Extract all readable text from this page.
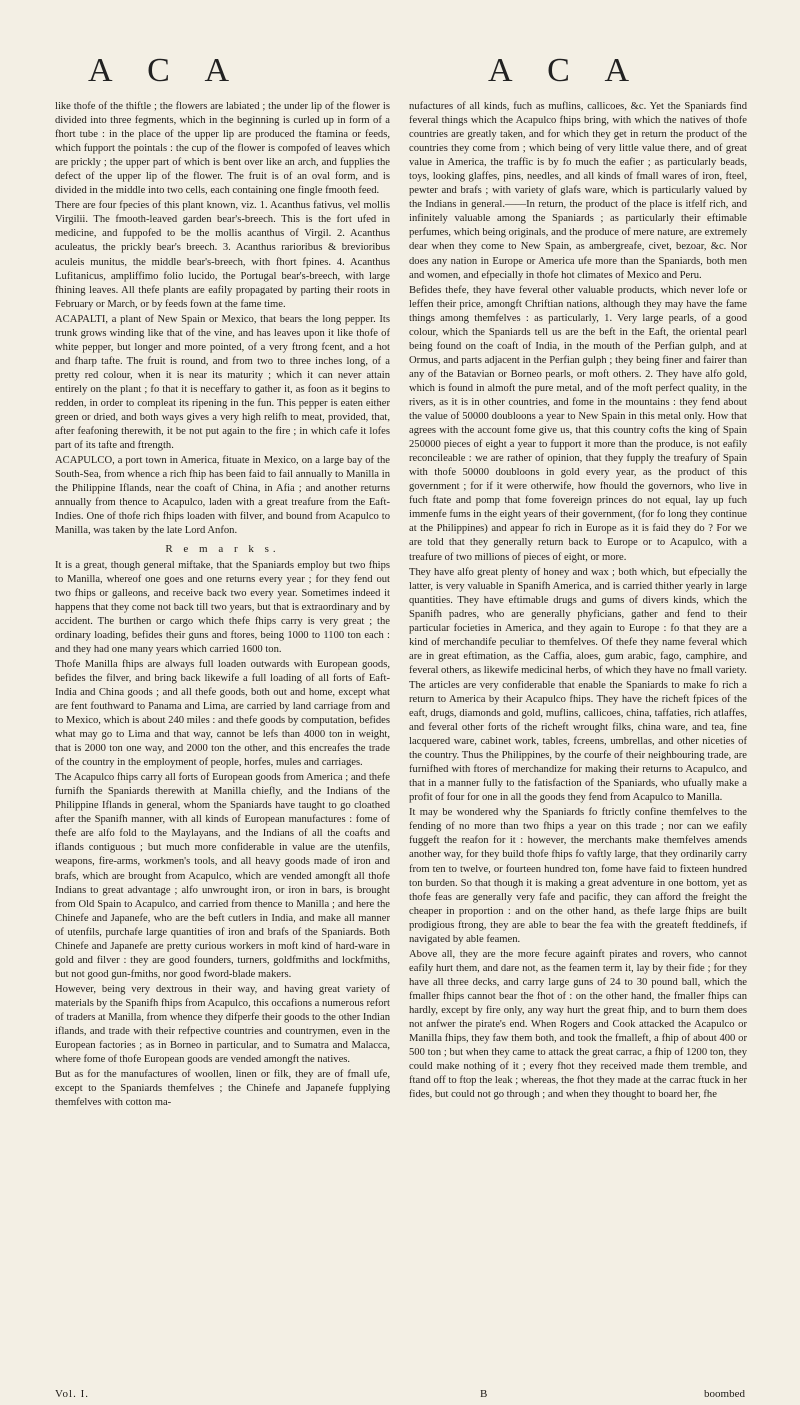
A C A	A C A

like thofe of the thiftle ; the flowers are labiated ; the under lip of the flower is divided into three fegments, which in the beginning is curled up in form of a fhort tube : in the place of the upper lip are produced the ftamina or feeds, which fupport the pointals : the cup of the flower is compofed of leaves which are prickly ; the upper part of which is bent over like an arch, and fupplies the defect of the upper lip of the flower. The fruit is of an oval form, and is divided in the middle into two cells, each containing one fingle fmooth feed.

There are four fpecies of this plant known, viz. 1. Acanthus fativus, vel mollis Virgilii. The fmooth-leaved garden bear's-breech. This is the fort ufed in medicine, and fuppofed to be the mollis acanthus of Virgil. 2. Acanthus aculeatus, the prickly bear's breech. 3. Acanthus rarioribus & brevioribus aculeis munitus, the middle bear's-breech, with fhort fpines. 4. Acanthus Lufitanicus, ampliffimo folio lucido, the Portugal bear's-breech, with large fhining leaves. All thefe plants are eafily propagated by parting their roots in February or March, or by feeds fown at the fame time.

ACAPALTI, a plant of New Spain or Mexico, that bears the long pepper. Its trunk grows winding like that of the vine, and has leaves upon it like thofe of white pepper, but longer and more pointed, of a very ftrong fcent, and a hot and fharp tafte. The fruit is round, and from two to three inches long, of a pretty red colour, when it is near its maturity ; which it can never attain entirely on the plant ; fo that it is neceffary to gather it, as foon as it begins to redden, in order to compleat its ripening in the fun. This pepper is eaten either green or dried, and both ways gives a very high relifh to meat, provided, that, after feafoning therewith, it be not put again to the fire ; in which cafe it lofes part of its tafte and ftrength.

ACAPULCO, a port town in America, fituate in Mexico, on a large bay of the South-Sea, from whence a rich fhip has been faid to fail annually to Manilla in the Philippine Iflands, near the coaft of China, in Afia ; and another returns annually from thence to Acapulco, laden with a great treafure from the Eaft-Indies. One of thofe rich fhips loaden with filver, and bound from Acapulco to Manilla, was taken by the late Lord Anfon.

R e m a r k s.

It is a great, though general miftake, that the Spaniards employ but two fhips to Manilla, whereof one goes and one returns every year ; for they fend out two fhips or galleons, and receive back two every year. Sometimes indeed it happens that they come not back till two years, but that is extraordinary and by accident. The burthen or cargo which thefe fhips carry is very great ; the ordinary loading, befides their guns and ftores, being 1000 to 1100 ton each : and they had one many years which carried 1600 ton.

Thofe Manilla fhips are always full loaden outwards with European goods, befides the filver, and bring back likewife a full loading of all forts of Eaft-India and China goods ; and all thefe goods, both out and home, except what are fent fouthward to Panama and Lima, are carried by land carriage from and to Mexico, which is about 240 miles : and thefe goods by computation, befides what may go to Lima and that way, cannot be lefs than 4000 ton in weight, that is 2000 ton one way, and 2000 ton the other, and this encreafes the trade of the country in the employment of people, horfes, mules and carriages.

The Acapulco fhips carry all forts of European goods from America ; and thefe furnifh the Spaniards therewith at Manilla chiefly, and the Indians of the Philippine Iflands in general, whom the Spaniards have taught to go cloathed after the Spanifh manner, with all kinds of European manufactures : fome of thefe are alfo fold to the Maylayans, and the Indians of all the coafts and iflands contiguous ; but much more confiderable in value are the utenfils, weapons, fire-arms, workmen's tools, and all heavy goods made of iron and brafs, which are brought from Acapulco, which are vended amongft all thofe Indians to great advantage ; alfo unwrought iron, or iron in bars, is brought from Old Spain to Acapulco, and carried from thence to Manilla ; and here the Chinefe and Japanefe, who are the beft cutlers in India, and make all manner of utenfils, purchafe large quantities of iron and brafs of the Spaniards. Both Chinefe and Japanefe are pretty curious workers in moft kind of hard-ware in gold and filver : they are good founders, turners, goldfmiths and lockfmiths, but not good gun-fmiths, nor good fword-blade makers.

However, being very dextrous in their way, and having great variety of materials by the Spanifh fhips from Acapulco, this occafions a numerous refort of traders at Manilla, from whence they difperfe their goods to the other Indian iflands, and trade with their refpective countries and countrymen, even in the European factories ; as in Borneo in particular, and to Sumatra and Malacca, where fome of thofe European goods are vended amongft the natives.

But as for the manufactures of woollen, linen or filk, they are of fmall ufe, except to the Spaniards themfelves ; the Chinefe and Japanefe fupplying themfelves with cotton ma-

nufactures of all kinds, fuch as muflins, callicoes, &c. Yet the Spaniards find feveral things which the Acapulco fhips bring, with which the natives of thofe countries are greatly taken, and for which they get in return the product of the countries they come from ; which being of very little value there, and of great value in America, the traffic is by fo much the eafier ; as particularly beads, toys, looking glaffes, pins, needles, and all kinds of fmall wares of iron, fteel, pewter and brafs ; with variety of glafs ware, which is particularly valued by the Indians in general.——In return, the product of the place is itfelf rich, and infinitely valuable among the Spaniards ; as particularly their eftimable perfumes, which being originals, and the produce of mere nature, are extremely dear when they come to New Spain, as ambergreafe, civet, bezoar, &c. Nor does any nation in Europe or America ufe more than the Spaniards, both men and women, and efpecially in thofe hot climates of Mexico and Peru.

Befides thefe, they have feveral other valuable products, which never lofe or leffen their price, amongft Chriftian nations, although they may have the fame things among themfelves : as particularly, 1. Very large pearls, of a good colour, which the Spaniards tell us are the beft in the Eaft, the oriental pearl being found on the coaft of India, in the mouth of the Perfian gulph, and at Ormus, and parts adjacent in the Perfian gulph ; they being finer and fairer than any of the Batavian or Borneo pearls, or moft others. 2. They have alfo gold, which is found in almoft the pure metal, and of the moft perfect quality, in the rivers, as it is in other countries, and fome in the mountains : they fend about the value of 50000 doubloons a year to New Spain in this metal only. How that agrees with the account fome give us, that this country cofts the king of Spain 250000 pieces of eight a year to fupport it more than the produce, is not eafily reconcileable : we are rather of opinion, that they fupply the treafury of Spain with thofe 50000 doubloons in gold every year, as the product of this government ; for if it were otherwife, how fhould the governors, who live in fuch ftate and pomp that fome fovereign princes do not equal, lay up fuch immenfe fums in the eight years of their government, (for fo long they continue at the Philippines) and appear fo rich in Europe as it is faid they do ? For we are told that they generally return back to Europe or to Acapulco, with a treafure of two millions of pieces of eight, or more.

They have alfo great plenty of honey and wax ; both which, but efpecially the latter, is very valuable in Spanifh America, and is carried thither yearly in large quantities. They have eftimable drugs and gums of divers kinds, which the Spanifh padres, who are generally phyficians, gather and fend to their particular focieties in America, and they again to Europe : fo that they are a kind of merchandife peculiar to themfelves. Of thefe they name feveral which are in great eftimation, as the Caffia, aloes, gum arabic, fago, camphire, and feveral others, as likewife medicinal herbs, of which they have no fmall variety.

The articles are very confiderable that enable the Spaniards to make fo rich a return to America by their Acapulco fhips. They have the richeft fpices of the eaft, drugs, diamonds and gold, muflins, callicoes, china, taffaties, rich atlaffes, and feveral other forts of the richeft wrought filks, china ware, and tea, fine lacquered ware, cabinet work, tables, fcreens, umbrellas, and other niceties of the country. Thus the Philippines, by the courfe of their neighbouring trade, are furnifhed with ftores of merchandize for making their returns to Acapulco, and that in a manner fully to the fatisfaction of the Spaniards, who ufually make a profit of four for one in all the goods they fend from Acapulco to Manilla.

It may be wondered why the Spaniards fo ftrictly confine themfelves to the fending of no more than two fhips a year on this trade ; nor can we eafily fuggeft the reafon for it : however, the merchants make themfelves amends another way, for they build thofe fhips fo vaftly large, that they ordinarily carry from ten to twelve, or fourteen hundred ton, fome have faid to fixteen hundred ton burden. So that though it is making a great adventure in one bottom, yet as thofe feas are generally very fafe and pacific, they can afford the freight the cheaper in proportion : and on the other hand, as thefe large fhips are built prodigious ftrong, they are able to bear the fea with the greateft fteddinefs, if navigated by able feamen.

Above all, they are the more fecure againft pirates and rovers, who cannot eafily hurt them, and dare not, as the feamen term it, lay by their fide ; for they have all three decks, and carry large guns of 24 to 30 pound ball, which the fmaller fhips cannot bear the fhot of : on the other hand, the fmaller fhips can hardly, except by fire only, any way hurt the great fhip, and to burn them does not anfwer the pirate's end. When Rogers and Cook attacked the Acapulco or Manilla fhips, they faw them both, and took the fmalleft, a fhip of about 400 or 500 ton ; but when they came to attack the great carrac, a fhip of 1200 ton, they could make nothing of it ; every fhot they received made them tremble, and ftand off to ftop the leak ; whereas, the fhot they made at the carrac ftuck in her fides, but could not go through ; and when they thought to board her, fhe

Vol. I.	B	boombed
